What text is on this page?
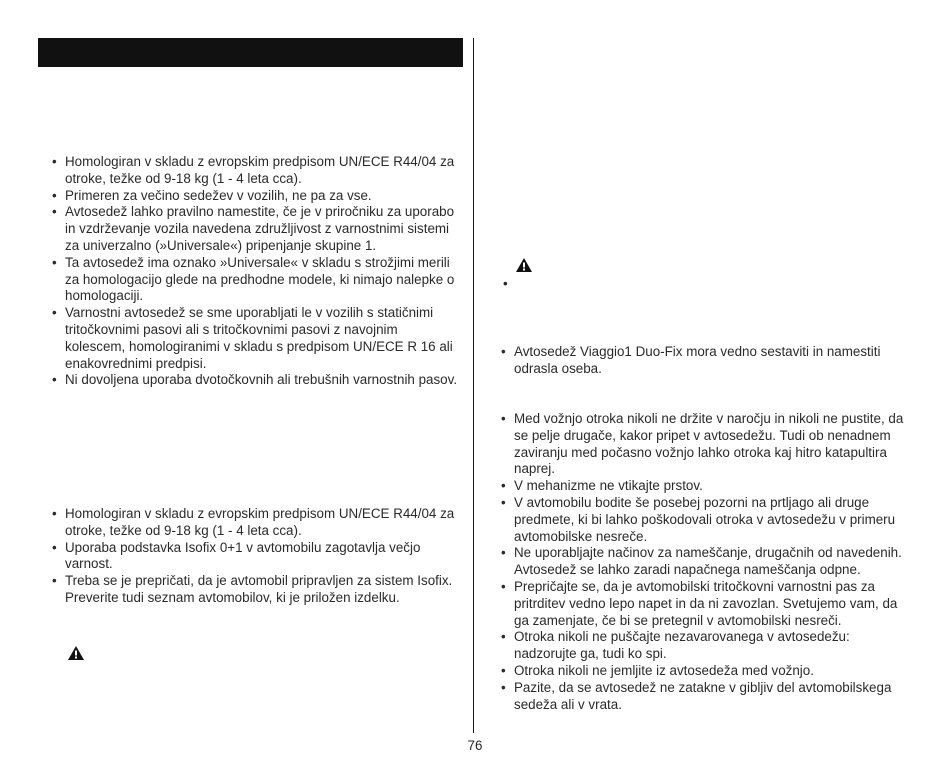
• Homologiran v skladu z evropskim predpisom UN/ECE R44/04 za otroke, težke od 9-18 kg (1 - 4 leta cca).
• Primeren za večino sedežev v vozilih, ne pa za vse.
• Avtosedež lahko pravilno namestite, če je v priročniku za uporabo in vzdrževanje vozila navedena združljivost z varnostnimi sistemi za univerzalno (»Universale«) pripenjanje skupine 1.
• Ta avtosedež ima oznako »Universale« v skladu s strožjimi merili za homologacijo glede na predhodne modele, ki nimajo nalepke o homologaciji.
• Varnostni avtosedež se sme uporabljati le v vozilih s statičnimi tritočkovnimi pasovi ali s tritočkovnimi pasovi z navojnim kolescem, homologiranimi v skladu s predpisom UN/ECE R 16 ali enakovrednimi predpisi.
• Ni dovoljena uporaba dvotočkovnih ali trebušnih varnostnih pasov.
• Homologiran v skladu z evropskim predpisom UN/ECE R44/04 za otroke, težke od 9-18 kg (1 - 4 leta cca).
• Uporaba podstavka Isofix 0+1 v avtomobilu zagotavlja večjo varnost.
• Treba se je prepričati, da je avtomobil pripravljen za sistem Isofix. Preverite tudi seznam avtomobilov, ki je priložen izdelku.
•
• Avtosedež Viaggio1 Duo-Fix mora vedno sestaviti in namestiti odrasla oseba.
• Med vožnjo otroka nikoli ne držite v naročju in nikoli ne pustite, da se pelje drugače, kakor pripet v avtosedežu. Tudi ob nenadnem zaviranju med počasno vožnjo lahko otroka kaj hitro katapultira naprej.
• V mehanizme ne vtikajte prstov.
• V avtomobilu bodite še posebej pozorni na prtljago ali druge predmete, ki bi lahko poškodovali otroka v avtosedežu v primeru avtomobilske nesreče.
• Ne uporabljajte načinov za nameščanje, drugačnih od navedenih. Avtosedež se lahko zaradi napačnega nameščanja odpne.
• Prepričajte se, da je avtomobilski tritočkovni varnostni pas za pritrditev vedno lepo napet in da ni zavozlan. Svetujemo vam, da ga zamenjate, če bi se pretegnil v avtomobilski nesreči.
• Otroka nikoli ne puščajte nezavarovanega v avtosedežu: nadzorujte ga, tudi ko spi.
• Otroka nikoli ne jemljite iz avtosedeža med vožnjo.
• Pazite, da se avtosedež ne zatakne v gibljiv del avtomobilskega sedeža ali v vrata.
76
